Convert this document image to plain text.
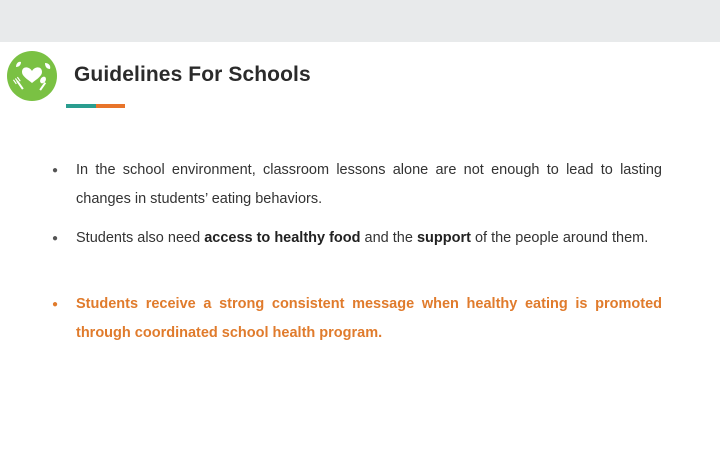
Guidelines For Schools
● In the school environment, classroom lessons alone are not enough to lead to lasting changes in students’ eating behaviors.
● Students also need access to healthy food and the support of the people around them.
● Students receive a strong consistent message when healthy eating is promoted through coordinated school health program.
